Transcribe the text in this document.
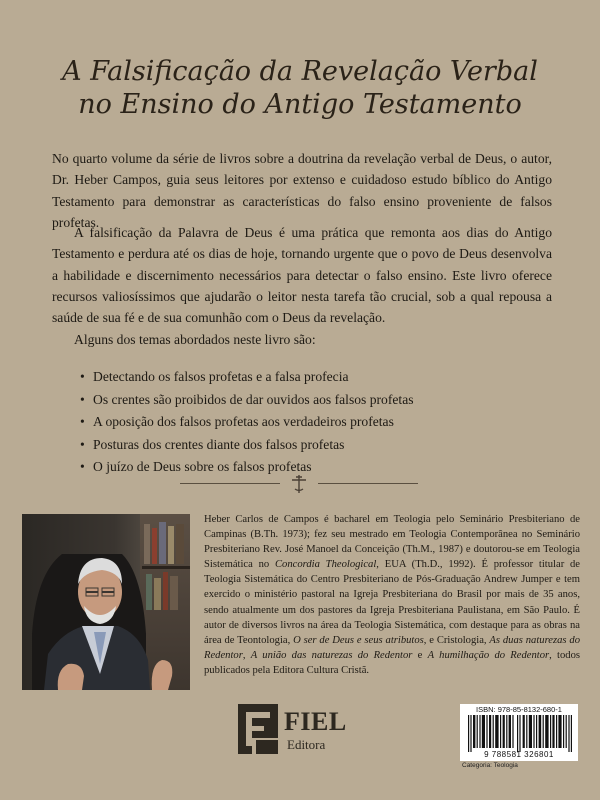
A Falsificação da Revelação Verbal
no Ensino do Antigo Testamento

No quarto volume da série de livros sobre a doutrina da revelação verbal de Deus, o autor, Dr. Heber Campos, guia seus leitores por extenso e cuidadoso estudo bíblico do Antigo Testamento para demonstrar as características do falso ensino proveniente de falsos profetas.

A falsificação da Palavra de Deus é uma prática que remonta aos dias do Antigo Testamento e perdura até os dias de hoje, tornando urgente que o povo de Deus desenvolva a habilidade e discernimento necessários para detectar o falso ensino. Este livro oferece recursos valiosíssimos que ajudarão o leitor nesta tarefa tão crucial, sob a qual repousa a saúde de sua fé e de sua comunhão com o Deus da revelação.

Alguns dos temas abordados neste livro são:

• Detectando os falsos profetas e a falsa profecia
• Os crentes são proibidos de dar ouvidos aos falsos profetas
• A oposição dos falsos profetas aos verdadeiros profetas
• Posturas dos crentes diante dos falsos profetas
• O juízo de Deus sobre os falsos profetas

Heber Carlos de Campos é bacharel em Teologia pelo Seminário Presbiteriano de Campinas (B.Th. 1973); fez seu mestrado em Teologia Contemporânea no Seminário Presbiteriano Rev. José Manoel da Conceição (Th.M., 1987) e doutorou-se em Teologia Sistemática no Concordia Theological, EUA (Th.D., 1992). É professor titular de Teologia Sistemática do Centro Presbiteriano de Pós-Graduação Andrew Jumper e tem exercido o ministério pastoral na Igreja Presbiteriana do Brasil por mais de 35 anos, sendo atualmente um dos pastores da Igreja Presbiteriana Paulistana, em São Paulo. É autor de diversos livros na área da Teologia Sistemática, com destaque para as obras na área de Teontologia, O ser de Deus e seus atributos, e Cristologia, As duas naturezas do Redentor, A união das naturezas do Redentor e A humilhação do Redentor, todos publicados pela Editora Cultura Cristã.

FIEL
Editora
ISBN: 978-85-8132-680-1
9 788581 326801
Categoria: Teologia
